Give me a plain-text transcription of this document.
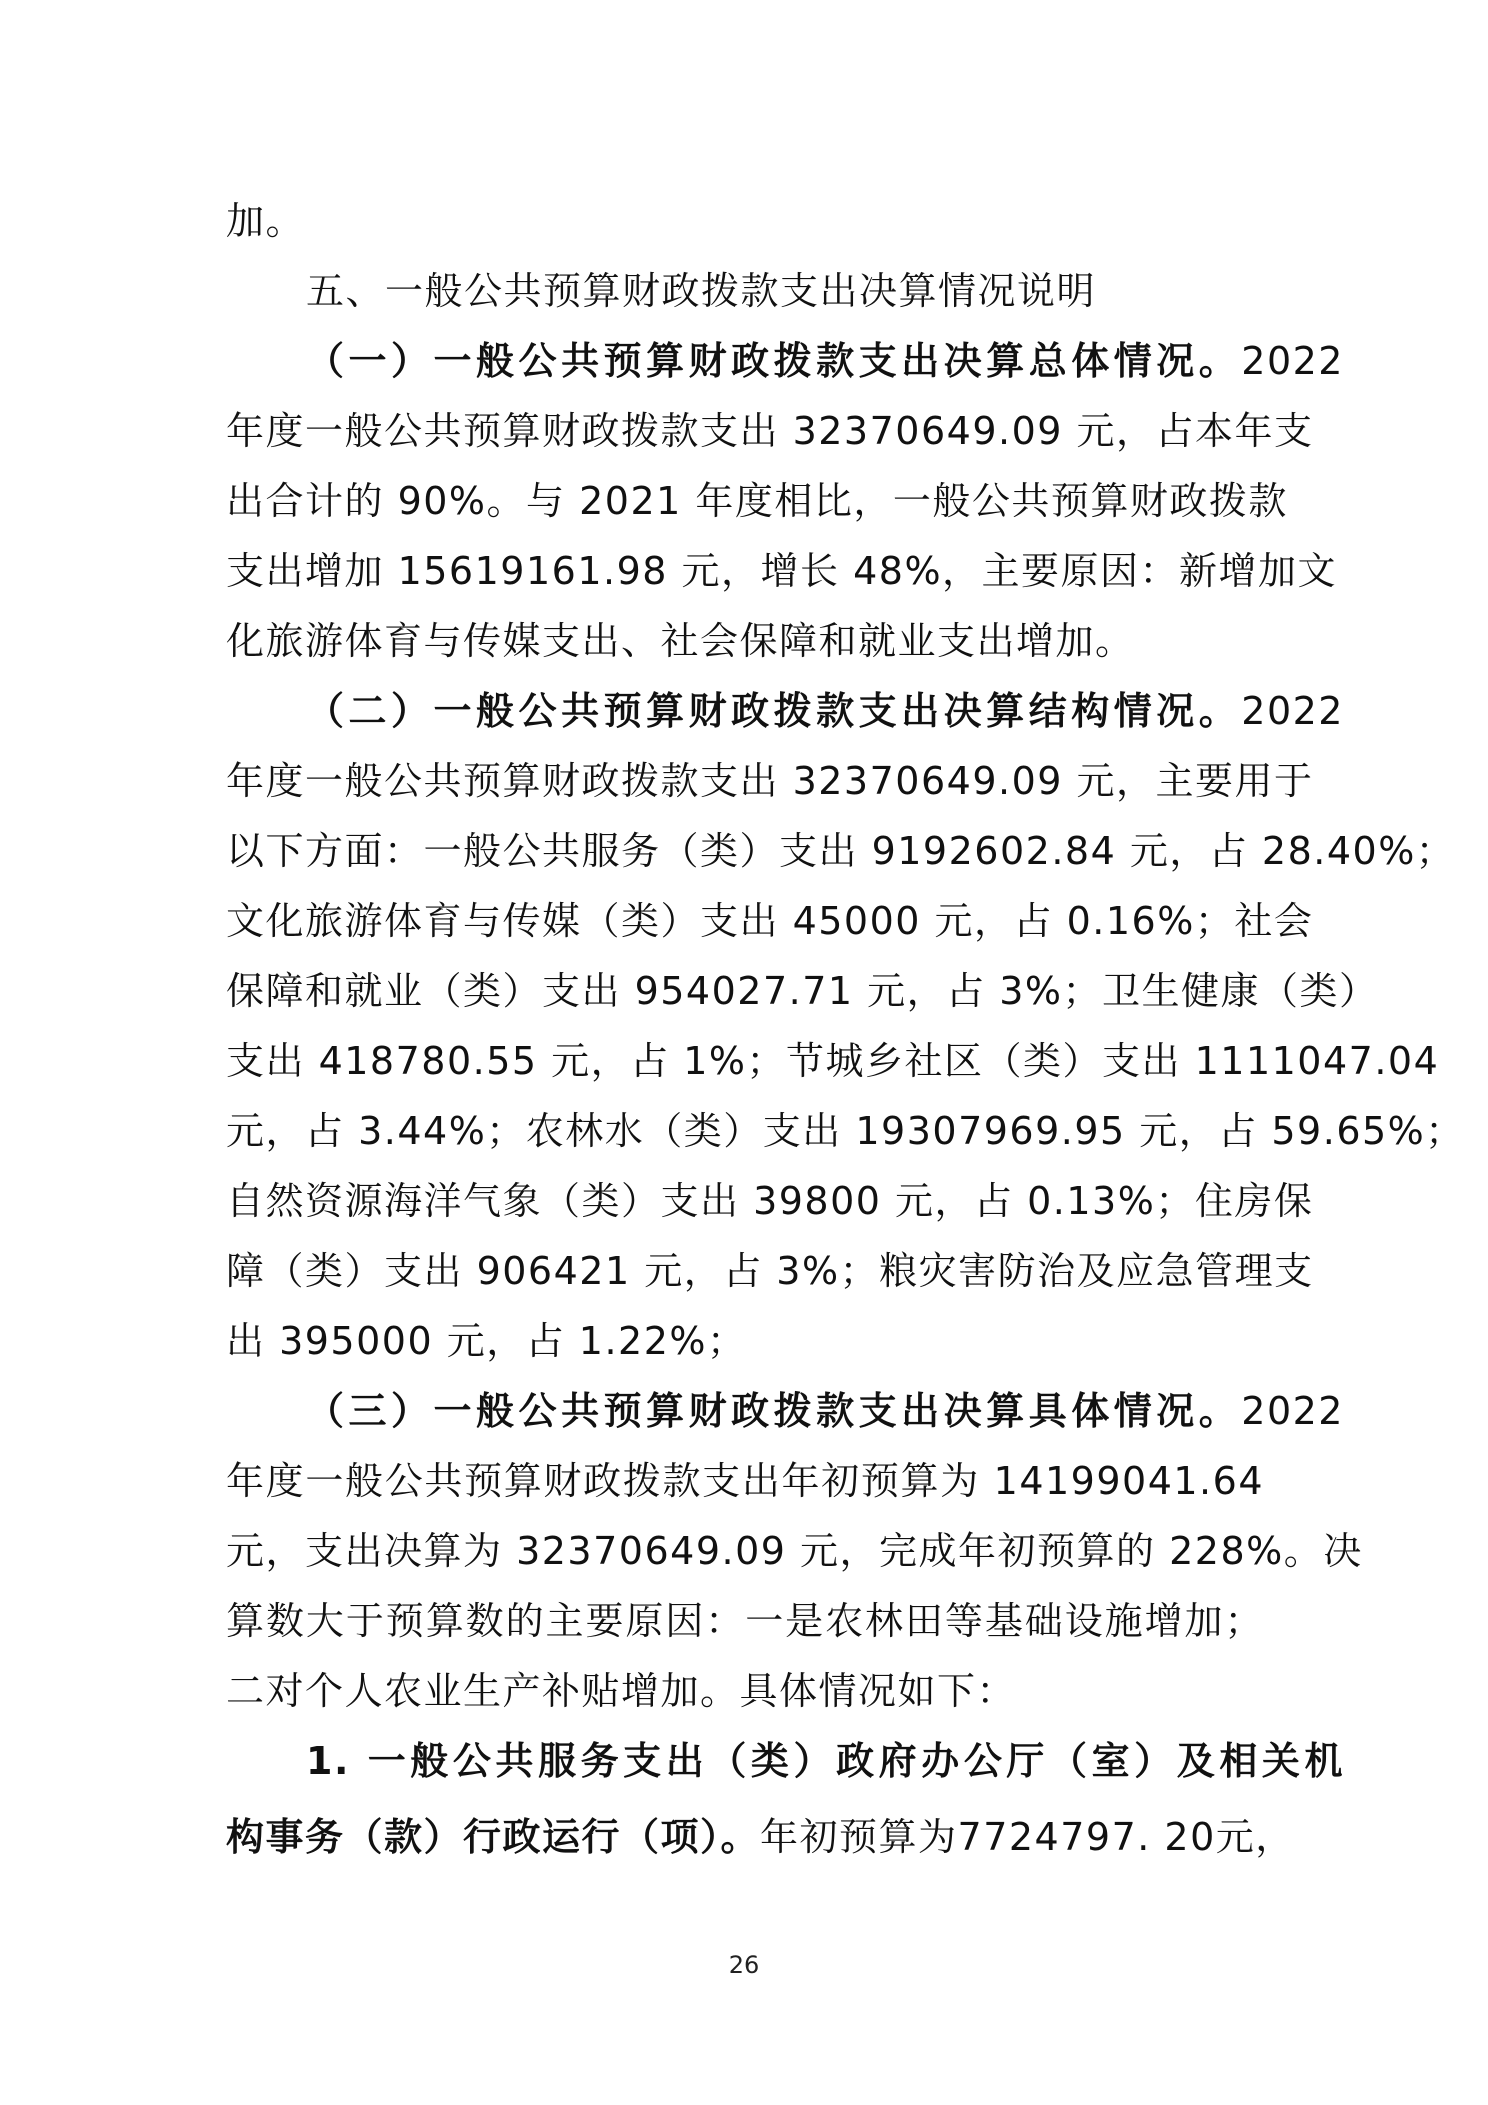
加。
五、一般公共预算财政拨款支出决算情况说明
（一）一般公共预算财政拨款支出决算总体情况。2022
年度一般公共预算财政拨款支出 32370649.09 元，占本年支
出合计的 90%。与 2021 年度相比，一般公共预算财政拨款
支出增加 15619161.98 元，增长 48%，主要原因：新增加文
化旅游体育与传媒支出、社会保障和就业支出增加。
（二）一般公共预算财政拨款支出决算结构情况。2022
年度一般公共预算财政拨款支出 32370649.09 元，主要用于
以下方面：一般公共服务（类）支出 9192602.84 元，占 28.40%；
文化旅游体育与传媒（类）支出 45000 元，占 0.16%；社会
保障和就业（类）支出 954027.71 元，占 3%；卫生健康（类）
支出 418780.55 元，占 1%；节城乡社区（类）支出 1111047.04
元，占 3.44%；农林水（类）支出 19307969.95 元，占 59.65%；
自然资源海洋气象（类）支出 39800 元，占 0.13%；住房保
障（类）支出 906421 元，占 3%；粮灾害防治及应急管理支
出 395000 元，占 1.22%；
（三）一般公共预算财政拨款支出决算具体情况。2022
年度一般公共预算财政拨款支出年初预算为 14199041.64
元，支出决算为 32370649.09 元，完成年初预算的 228%。决
算数大于预算数的主要原因：一是农林田等基础设施增加；
二对个人农业生产补贴增加。具体情况如下：
1. 一般公共服务支出（类）政府办公厅（室）及相关机
构事务（款）行政运行（项）。年初预算为7724797. 20元，
26
